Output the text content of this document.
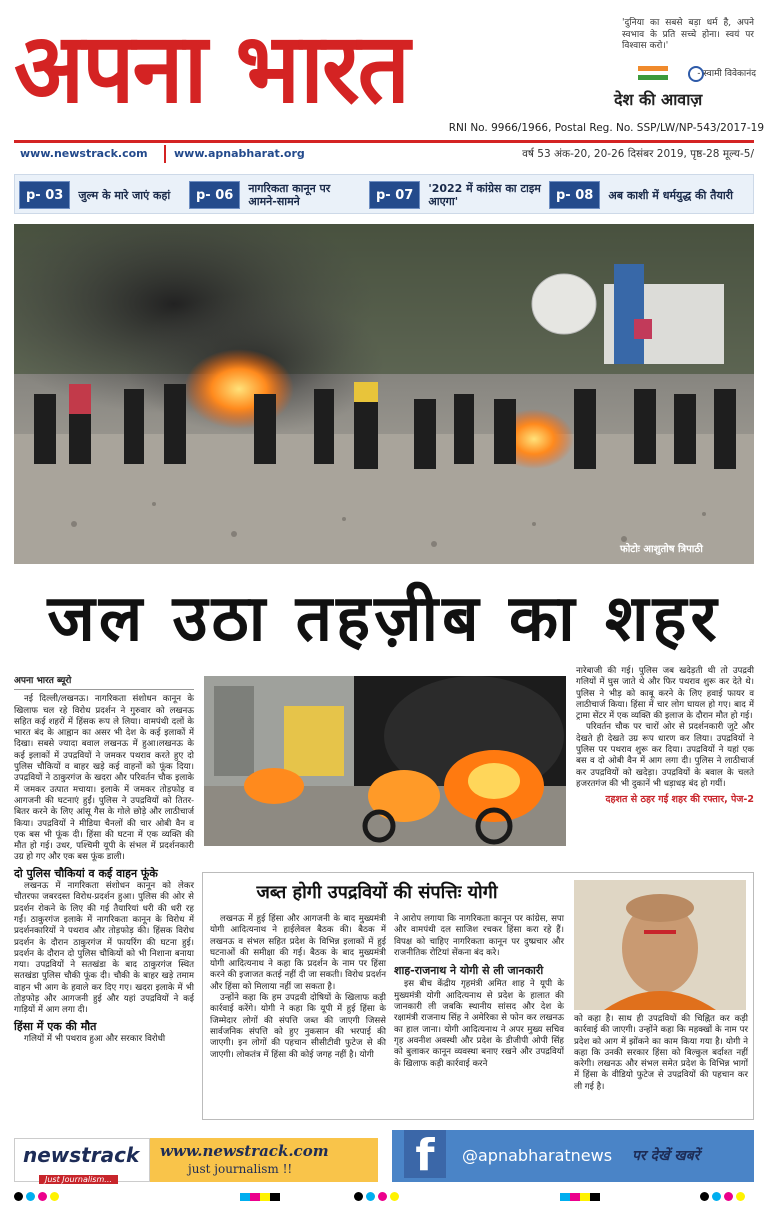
अपना भारत	'दुनिया का सबसे बड़ा धर्म है, अपने स्वभाव के प्रति सच्चे होना। स्वयं पर विश्वास करो।'
- स्वामी विवेकानंद
देश की आवाज़
RNI No. 9966/1966, Postal Reg. No. SSP/LW/NP-543/2017-19
www.newstrack.com	www.apnabharat.org	वर्ष 53 अंक-20, 20-26 दिसंबर 2019, पृष्ठ-28 मूल्य-5/
p- 03	जुल्म के मारे जाएं कहां	p- 06	नागरिकता कानून पर आमने-सामने	p- 07	'2022 में कांग्रेस का टाइम आएगा'	p- 08	अब काशी में धर्मयुद्ध की तैयारी
फोटोः आशुतोष त्रिपाठी
जल उठा तहज़ीब का शहर
अपना भारत ब्यूरो

नई दिल्ली/लखनऊ। नागरिकता संशोधन कानून के खिलाफ चल रहे विरोध प्रदर्शन ने गुरुवार को लखनऊ सहित कई शहरों में हिंसक रूप ले लिया। वामपंथी दलों के भारत बंद के आह्वान का असर भी देश के कई इलाकों में दिखा। सबसे ज्यादा बवाल लखनऊ में हुआ।लखनऊ के कई इलाकों में उपद्रवियों ने जमकर पथराव करते हुए दो पुलिस चौकियों व बाहर खड़े कई वाहनों को फूंक दिया। उपद्रवियों ने ठाकुरगंज के खदरा और परिवर्तन चौक इलाके में जमकर उत्पात मचाया। इलाके में जमकर तोड़फोड़ व आगजनी की घटनाएं हुईं। पुलिस ने उपद्रवियों को तितर-बितर करने के लिए आंसू गैस के गोले छोड़े और लाठीचार्ज किया। उपद्रवियों ने मीडिया चैनलों की चार ओबी वैन व एक बस भी फूंक दी। हिंसा की घटना में एक व्यक्ति की मौत हो गई। उधर, पश्चिमी यूपी के संभल में प्रदर्शनकारी उग्र हो गए और एक बस फूंक डाली।

दो पुलिस चौकियां व कई वाहन फूंके

लखनऊ में नागरिकता संशोधन कानून को लेकर चौतरफा जबरदस्त विरोध-प्रदर्शन हुआ। पुलिस की ओर से प्रदर्शन रोकने के लिए की गई तैयारियां धरी की धरी रह गईं। ठाकुरगंज इलाके में नागरिकता कानून के विरोध में प्रदर्शनकारियों ने पथराव और तोड़फोड़ की। हिंसक विरोध प्रदर्शन के दौरान ठाकुरगंज में फायरिंग की घटना हुई। प्रदर्शन के दौरान दो पुलिस चौकियों को भी निशाना बनाया गया। उपद्रवियों ने सतखंडा के बाद ठाकुरगंज स्थित सतखंडा पुलिस चौकी फूंक दी। चौकी के बाहर खड़े तमाम वाहन भी आग के हवाले कर दिए गए। खदरा इलाके में भी तोड़फोड़ और आगजनी हुई और यहां उपद्रवियों ने कई गाड़ियों में आग लगा दी।

हिंसा में एक की मौत

गलियों में भी पथराव हुआ और सरकार विरोधी

नारेबाजी की गई। पुलिस जब खदेड़ती थी तो उपद्रवी गलियों में घुस जाते थे और फिर पथराव शुरू कर देते थे। पुलिस ने भीड़ को काबू करने के लिए हवाई फायर व लाठीचार्ज किया। हिंसा में चार लोग घायल हो गए। बाद में ट्रामा सेंटर में एक व्यक्ति की इलाज के दौरान मौत हो गई।

परिवर्तन चौक पर चारों ओर से प्रदर्शनकारी जुटे और देखते ही देखते उग्र रूप धारण कर लिया। उपद्रवियों ने पुलिस पर पथराव शुरू कर दिया। उपद्रवियों ने यहां एक बस व दो ओबी वैन में आग लगा दी। पुलिस ने लाठीचार्ज कर उपद्रवियों को खदेड़ा। उपद्रवियों के बवाल के चलते हजरतगंज की भी दुकानें भी धड़ाधड़ बंद हो गयीं।

दहशत से ठहर गई शहर की रफ्तार, पेज-2
जब्त होगी उपद्रवियों की संपत्तिः योगी

लखनऊ में हुई हिंसा और आगजनी के बाद मुख्यमंत्री योगी आदित्यनाथ ने हाईलेवल बैठक की। बैठक में लखनऊ व संभल सहित प्रदेश के विभिन्न इलाकों में हुई घटनाओं की समीक्षा की गई। बैठक के बाद मुख्यमंत्री योगी आदित्यनाथ ने कहा कि प्रदर्शन के नाम पर हिंसा करने की इजाजत कतई नहीं दी जा सकती। विरोध प्रदर्शन और हिंसा को मिलाया नहीं जा सकता है।

उन्होंने कहा कि हम उपद्रवी दोषियों के खिलाफ कड़ी कार्रवाई करेंगे। योगी ने कहा कि यूपी में हुई हिंसा के जिम्मेदार लोगों की संपत्ति जब्त की जाएगी जिससे सार्वजनिक संपत्ति को हुए नुकसान की भरपाई की जाएगी। इन लोगों की पहचान सीसीटीवी फुटेज से की जाएगी। लोकतंत्र में हिंसा की कोई जगह नहीं है। योगी

ने आरोप लगाया कि नागरिकता कानून पर कांग्रेस, सपा और वामपंथी दल साजिश रचकर हिंसा करा रहे हैं। विपक्ष को चाहिए नागरिकता कानून पर दुष्प्रचार और राजनीतिक रोटियां सेंकना बंद करे।

शाह-राजनाथ ने योगी से ली जानकारी

इस बीच केंद्रीय गृहमंत्री अमित शाह ने यूपी के मुख्यमंत्री योगी आदित्यनाथ से प्रदेश के हालात की जानकारी ली जबकि स्थानीय सांसद और देश के रक्षामंत्री राजनाथ सिंह ने अमेरिका से फोन कर लखनऊ का हाल जाना। योगी आदित्यनाथ ने अपर मुख्य सचिव गृह अवनीश अवस्थी और प्रदेश के डीजीपी ओपी सिंह को बुलाकर कानून व्यवस्था बनाए रखने और उपद्रवियों के खिलाफ कड़ी कार्रवाई करने

को कहा है। साथ ही उपद्रवियों की चिह्नित कर कड़ी कार्रवाई की जाएगी। उन्होंने कहा कि महक्खों के नाम पर प्रदेश को आग में झोंकने का काम किया गया है। योगी ने कहा कि उनकी सरकार हिंसा को बिल्कुल बर्दाश्त नहीं करेगी। लखनऊ और संभल समेत प्रदेश के विभिन्न भागों में हिंसा के वीडियो फुटेज से उपद्रवियों की पहचान कर ली गई है।

newstrack
Just Journalism...
www.newstrack.com
just journalism !!	f	@apnabharatnews पर देखें खबरें
